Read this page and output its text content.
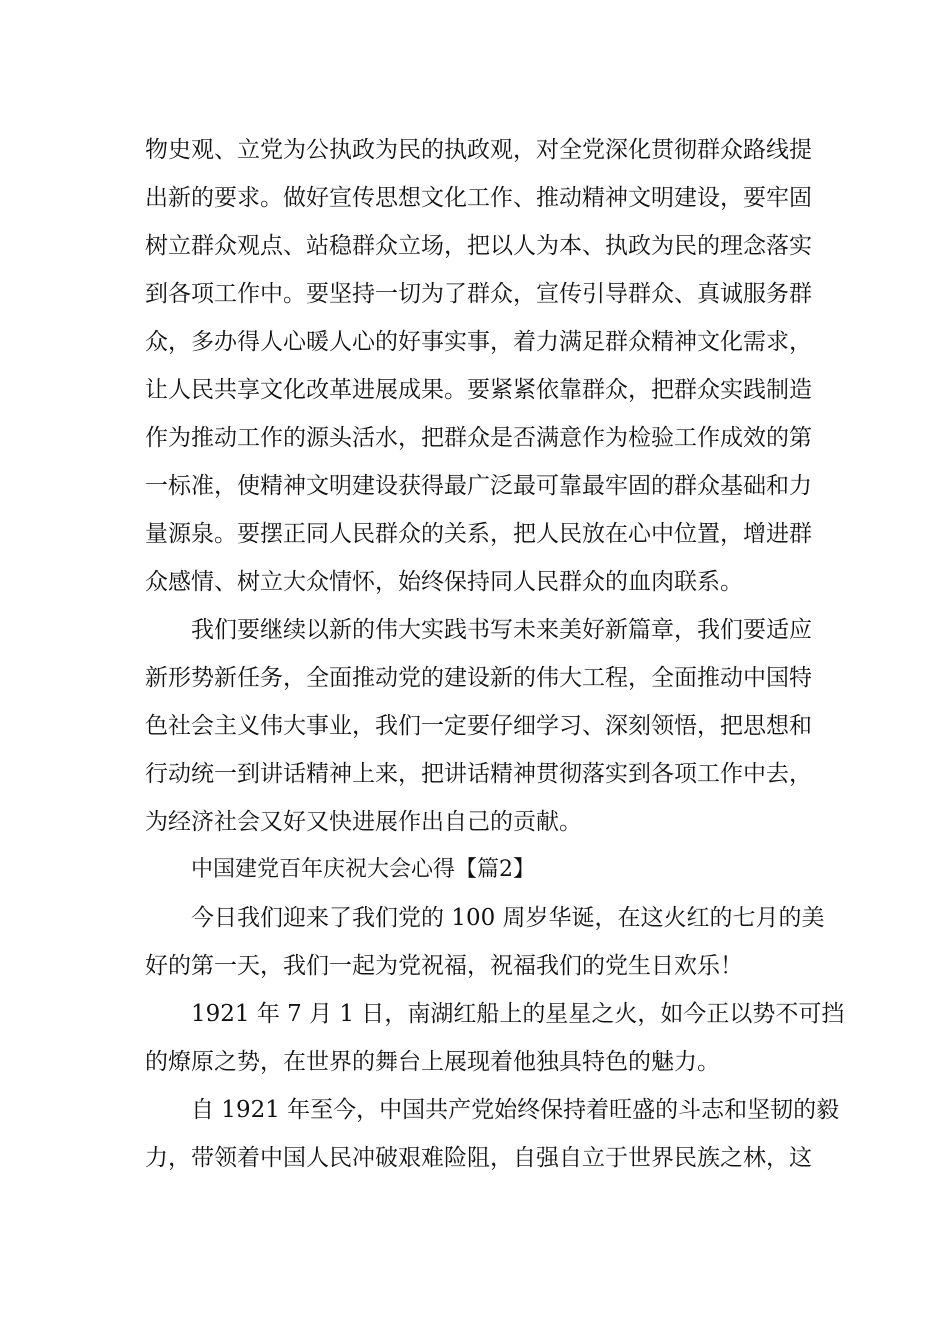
物史观、立党为公执政为民的执政观，对全党深化贯彻群众路线提
出新的要求。做好宣传思想文化工作、推动精神文明建设，要牢固
树立群众观点、站稳群众立场，把以人为本、执政为民的理念落实
到各项工作中。要坚持一切为了群众，宣传引导群众、真诚服务群
众，多办得人心暖人心的好事实事，着力满足群众精神文化需求，
让人民共享文化改革进展成果。要紧紧依靠群众，把群众实践制造
作为推动工作的源头活水，把群众是否满意作为检验工作成效的第
一标准，使精神文明建设获得最广泛最可靠最牢固的群众基础和力
量源泉。要摆正同人民群众的关系，把人民放在心中位置，增进群
众感情、树立大众情怀，始终保持同人民群众的血肉联系。
我们要继续以新的伟大实践书写未来美好新篇章，我们要适应
新形势新任务，全面推动党的建设新的伟大工程，全面推动中国特
色社会主义伟大事业，我们一定要仔细学习、深刻领悟，把思想和
行动统一到讲话精神上来，把讲话精神贯彻落实到各项工作中去，
为经济社会又好又快进展作出自己的贡献。
中国建党百年庆祝大会心得【篇2】
今日我们迎来了我们党的 100 周岁华诞，在这火红的七月的美
好的第一天，我们一起为党祝福，祝福我们的党生日欢乐！
1921 年 7 月 1 日，南湖红船上的星星之火，如今正以势不可挡
的燎原之势，在世界的舞台上展现着他独具特色的魅力。
自 1921 年至今，中国共产党始终保持着旺盛的斗志和坚韧的毅
力，带领着中国人民冲破艰难险阻，自强自立于世界民族之林，这
